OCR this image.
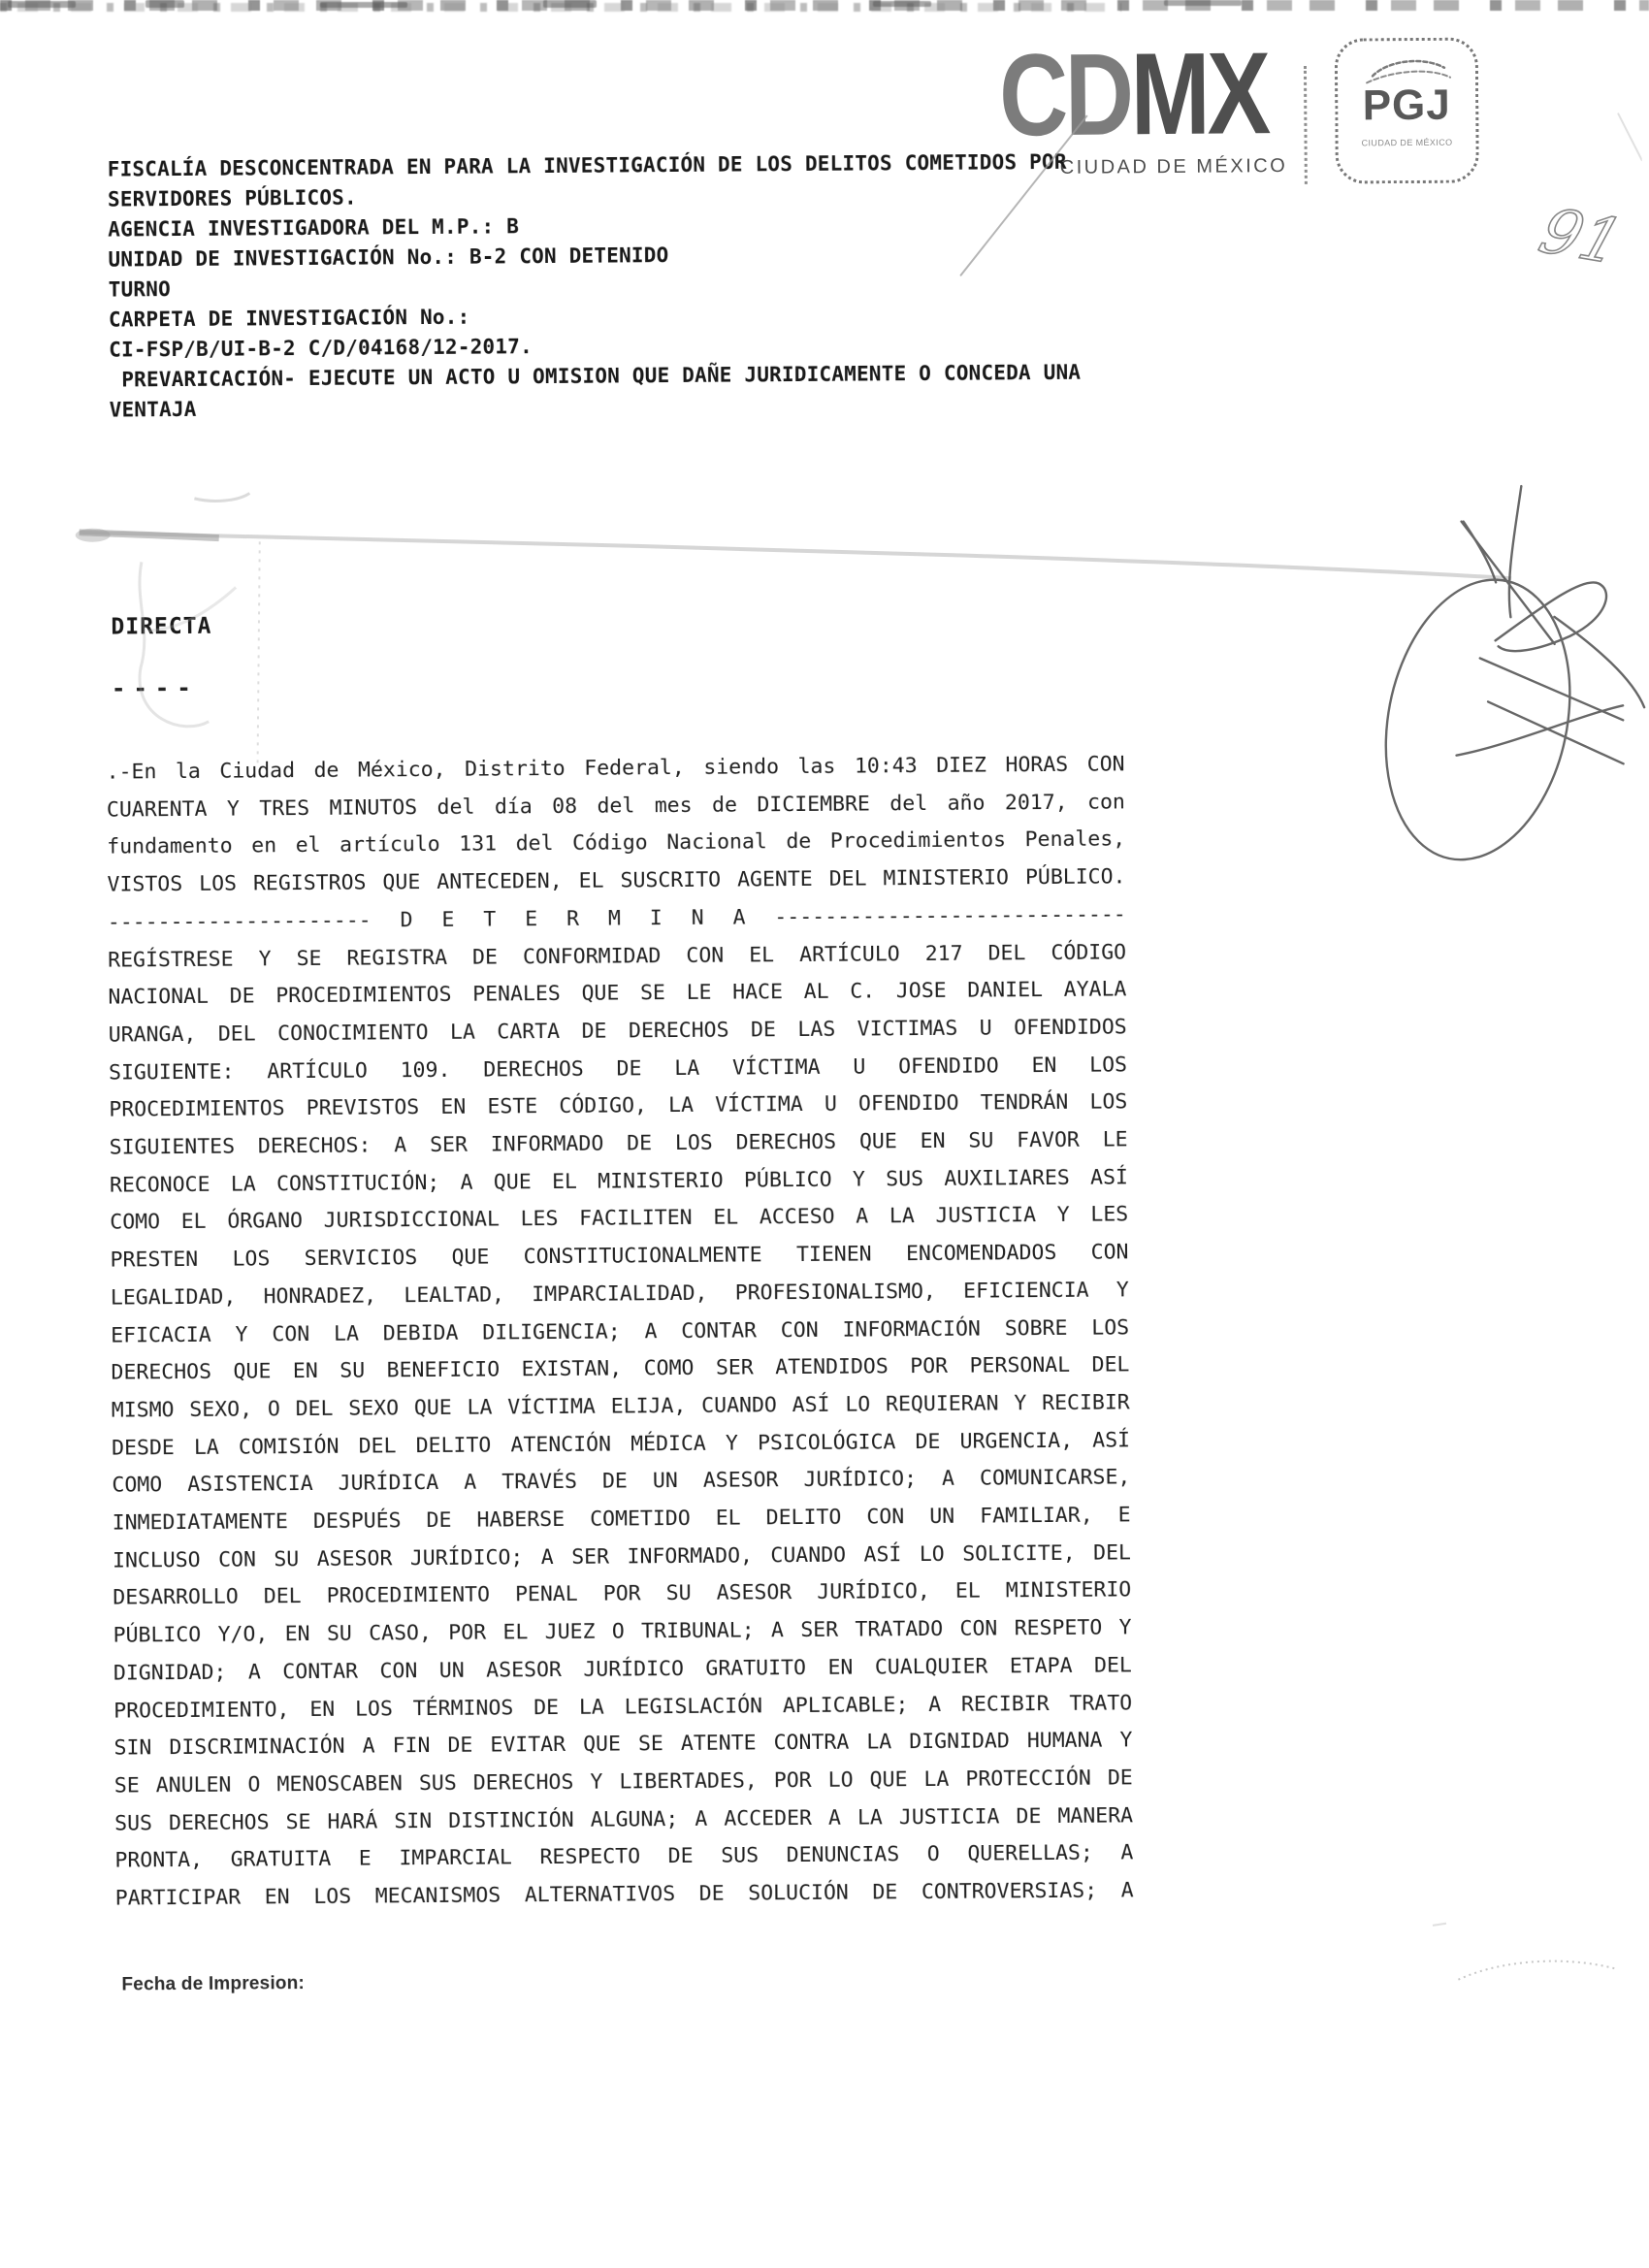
CDMX
CIUDAD DE MÉXICO
PGJ
CIUDAD DE MÉXICO
91
FISCALÍA DESCONCENTRADA EN PARA LA INVESTIGACIÓN DE LOS DELITOS COMETIDOS POR
SERVIDORES PÚBLICOS.
AGENCIA INVESTIGADORA DEL M.P.: B
UNIDAD DE INVESTIGACIÓN No.: B-2 CON DETENIDO
TURNO
CARPETA DE INVESTIGACIÓN No.:
CI-FSP/B/UI-B-2 C/D/04168/12-2017.
PREVARICACIÓN- EJECUTE UN ACTO U OMISION QUE DAÑE JURIDICAMENTE O CONCEDA UNA
VENTAJA
DIRECTA
----
.-En la Ciudad de México, Distrito Federal, siendo las 10:43 DIEZ HORAS CON
CUARENTA Y TRES MINUTOS del día 08 del mes de DICIEMBRE del año 2017, con
fundamento en el artículo 131 del Código Nacional de Procedimientos Penales,
VISTOS LOS REGISTROS QUE ANTECEDEN, EL SUSCRITO AGENTE DEL MINISTERIO PÚBLICO.
--------------------- D E T E R M I N A ----------------------------
REGÍSTRESE Y SE REGISTRA DE CONFORMIDAD CON EL ARTÍCULO 217 DEL CÓDIGO
NACIONAL DE PROCEDIMIENTOS PENALES QUE SE LE HACE AL C. JOSE DANIEL AYALA
URANGA, DEL CONOCIMIENTO LA CARTA DE DERECHOS DE LAS VICTIMAS U OFENDIDOS
SIGUIENTE: ARTÍCULO 109. DERECHOS DE LA VÍCTIMA U OFENDIDO EN LOS
PROCEDIMIENTOS PREVISTOS EN ESTE CÓDIGO, LA VÍCTIMA U OFENDIDO TENDRÁN LOS
SIGUIENTES DERECHOS: A SER INFORMADO DE LOS DERECHOS QUE EN SU FAVOR LE
RECONOCE LA CONSTITUCIÓN; A QUE EL MINISTERIO PÚBLICO Y SUS AUXILIARES ASÍ
COMO EL ÓRGANO JURISDICCIONAL LES FACILITEN EL ACCESO A LA JUSTICIA Y LES
PRESTEN LOS SERVICIOS QUE CONSTITUCIONALMENTE TIENEN ENCOMENDADOS CON
LEGALIDAD, HONRADEZ, LEALTAD, IMPARCIALIDAD, PROFESIONALISMO, EFICIENCIA Y
EFICACIA Y CON LA DEBIDA DILIGENCIA; A CONTAR CON INFORMACIÓN SOBRE LOS
DERECHOS QUE EN SU BENEFICIO EXISTAN, COMO SER ATENDIDOS POR PERSONAL DEL
MISMO SEXO, O DEL SEXO QUE LA VÍCTIMA ELIJA, CUANDO ASÍ LO REQUIERAN Y RECIBIR
DESDE LA COMISIÓN DEL DELITO ATENCIÓN MÉDICA Y PSICOLÓGICA DE URGENCIA, ASÍ
COMO ASISTENCIA JURÍDICA A TRAVÉS DE UN ASESOR JURÍDICO; A COMUNICARSE,
INMEDIATAMENTE DESPUÉS DE HABERSE COMETIDO EL DELITO CON UN FAMILIAR, E
INCLUSO CON SU ASESOR JURÍDICO; A SER INFORMADO, CUANDO ASÍ LO SOLICITE, DEL
DESARROLLO DEL PROCEDIMIENTO PENAL POR SU ASESOR JURÍDICO, EL MINISTERIO
PÚBLICO Y/O, EN SU CASO, POR EL JUEZ O TRIBUNAL; A SER TRATADO CON RESPETO Y
DIGNIDAD; A CONTAR CON UN ASESOR JURÍDICO GRATUITO EN CUALQUIER ETAPA DEL
PROCEDIMIENTO, EN LOS TÉRMINOS DE LA LEGISLACIÓN APLICABLE; A RECIBIR TRATO
SIN DISCRIMINACIÓN A FIN DE EVITAR QUE SE ATENTE CONTRA LA DIGNIDAD HUMANA Y
SE ANULEN O MENOSCABEN SUS DERECHOS Y LIBERTADES, POR LO QUE LA PROTECCIÓN DE
SUS DERECHOS SE HARÁ SIN DISTINCIÓN ALGUNA; A ACCEDER A LA JUSTICIA DE MANERA
PRONTA, GRATUITA E IMPARCIAL RESPECTO DE SUS DENUNCIAS O QUERELLAS; A
PARTICIPAR EN LOS MECANISMOS ALTERNATIVOS DE SOLUCIÓN DE CONTROVERSIAS; A
Fecha de Impresion:
